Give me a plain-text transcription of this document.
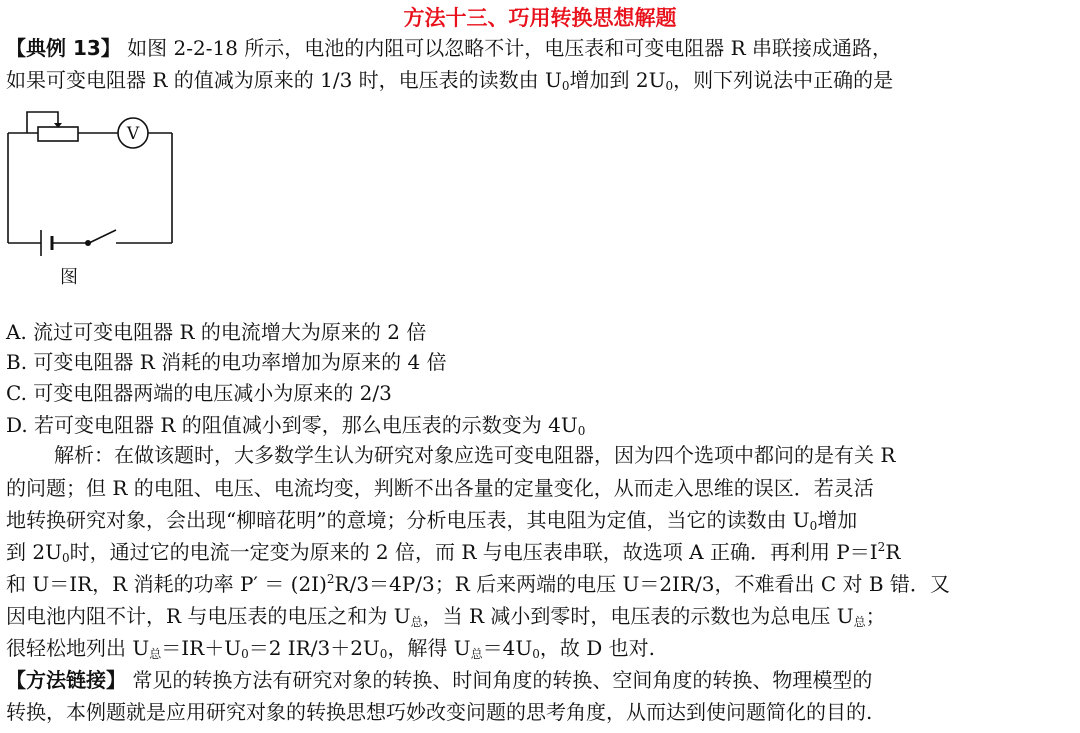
方法十三、巧用转换思想解题
【典例 13】 如图 2-2-18 所示，电池的内阻可以忽略不计，电压表和可变电阻器 R 串联接成通路，
如果可变电阻器 R 的值减为原来的 1/3 时，电压表的读数由 $U_0$增加到 $2U_0$，则下列说法中正确的是
V
图
A. 流过可变电阻器 R 的电流增大为原来的 2 倍
B. 可变电阻器 R 消耗的电功率增加为原来的 4 倍
C. 可变电阻器两端的电压减小为原来的 2/3
D. 若可变电阻器 R 的阻值减小到零，那么电压表的示数变为 $4U_0$
解析：在做该题时，大多数学生认为研究对象应选可变电阻器，因为四个选项中都问的是有关 R
的问题；但 R 的电阻、电压、电流均变，判断不出各量的定量变化，从而走入思维的误区．若灵活
地转换研究对象，会出现“柳暗花明”的意境；分析电压表，其电阻为定值，当它的读数由 $U_0$增加
到 $2U_0$时，通过它的电流一定变为原来的 2 倍，而 R 与电压表串联，故选项 A 正确．再利用 $P=I^2R$
和 U＝IR，R 消耗的功率 $P' = (2I)^2R/3=4P/3$；R 后来两端的电压 U＝2IR/3，不难看出 C 对 B 错．又
因电池内阻不计，R 与电压表的电压之和为 $U_总$，当 R 减小到零时，电压表的示数也为总电压 $U_总$；
很轻松地列出 $U_总=IR+U_0=2$ $IR/3+2U_0$，解得 $U_总=4U_0$，故 D 也对.
【方法链接】 常见的转换方法有研究对象的转换、时间角度的转换、空间角度的转换、物理模型的
转换，本例题就是应用研究对象的转换思想巧妙改变问题的思考角度，从而达到使问题简化的目的.
